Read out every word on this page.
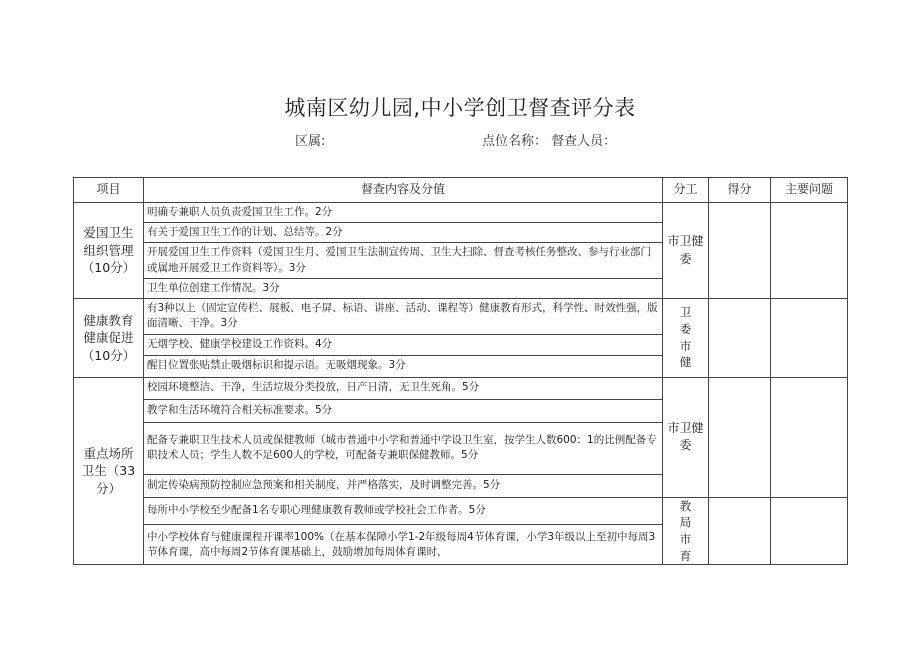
城南区幼儿园,中小学创卫督查评分表
区属:	点位名称： 督查人员：
项目	督查内容及分值	分工	得分	主要问题
爱国卫生组织管理（10分）	明确专兼职人员负责爱国卫生工作。2分	市卫健委		
	有关于爱国卫生工作的计划、总结等。2分			
	开展爱国卫生工作资料（爱国卫生月、爱国卫生法制宣传周、卫生大扫除、督查考核任务整改、参与行业部门或属地开展爱卫工作资料等）。3分			
	卫生单位创建工作情况。3分			
健康教育健康促进（10分）	有3种以上（固定宣传栏、展板、电子屏、标语、讲座、活动、课程等）健康教育形式，科学性、时效性强，版面清晰、干净。3分	卫委市健		
	无烟学校、健康学校建设工作资料。4分			
	醒目位置张贴禁止吸烟标识和提示语。无吸烟现象。3分			
重点场所卫生（33分）	校园环境整洁、干净，生活垃圾分类投放，日产日清，无卫生死角。5分	市卫健委		
	教学和生活环境符合相关标准要求。5分			
	配备专兼职卫生技术人员或保健教师（城市普通中小学和普通中学设卫生室，按学生人数600：1的比例配备专职技术人员；学生人数不足600人的学校，可配备专兼职保健教师。5分			
	制定传染病预防控制应急预案和相关制度，并严格落实，及时调整完善。5分			
	每所中小学校至少配备1名专职心理健康教育教师或学校社会工作者。5分	教局市育		
	中小学校体育与健康课程开课率100%（在基本保障小学1-2年级每周4节体育课，小学3年级以上至初中每周3节体育课，高中每周2节体育课基础上，鼓励增加每周体育课时，			
